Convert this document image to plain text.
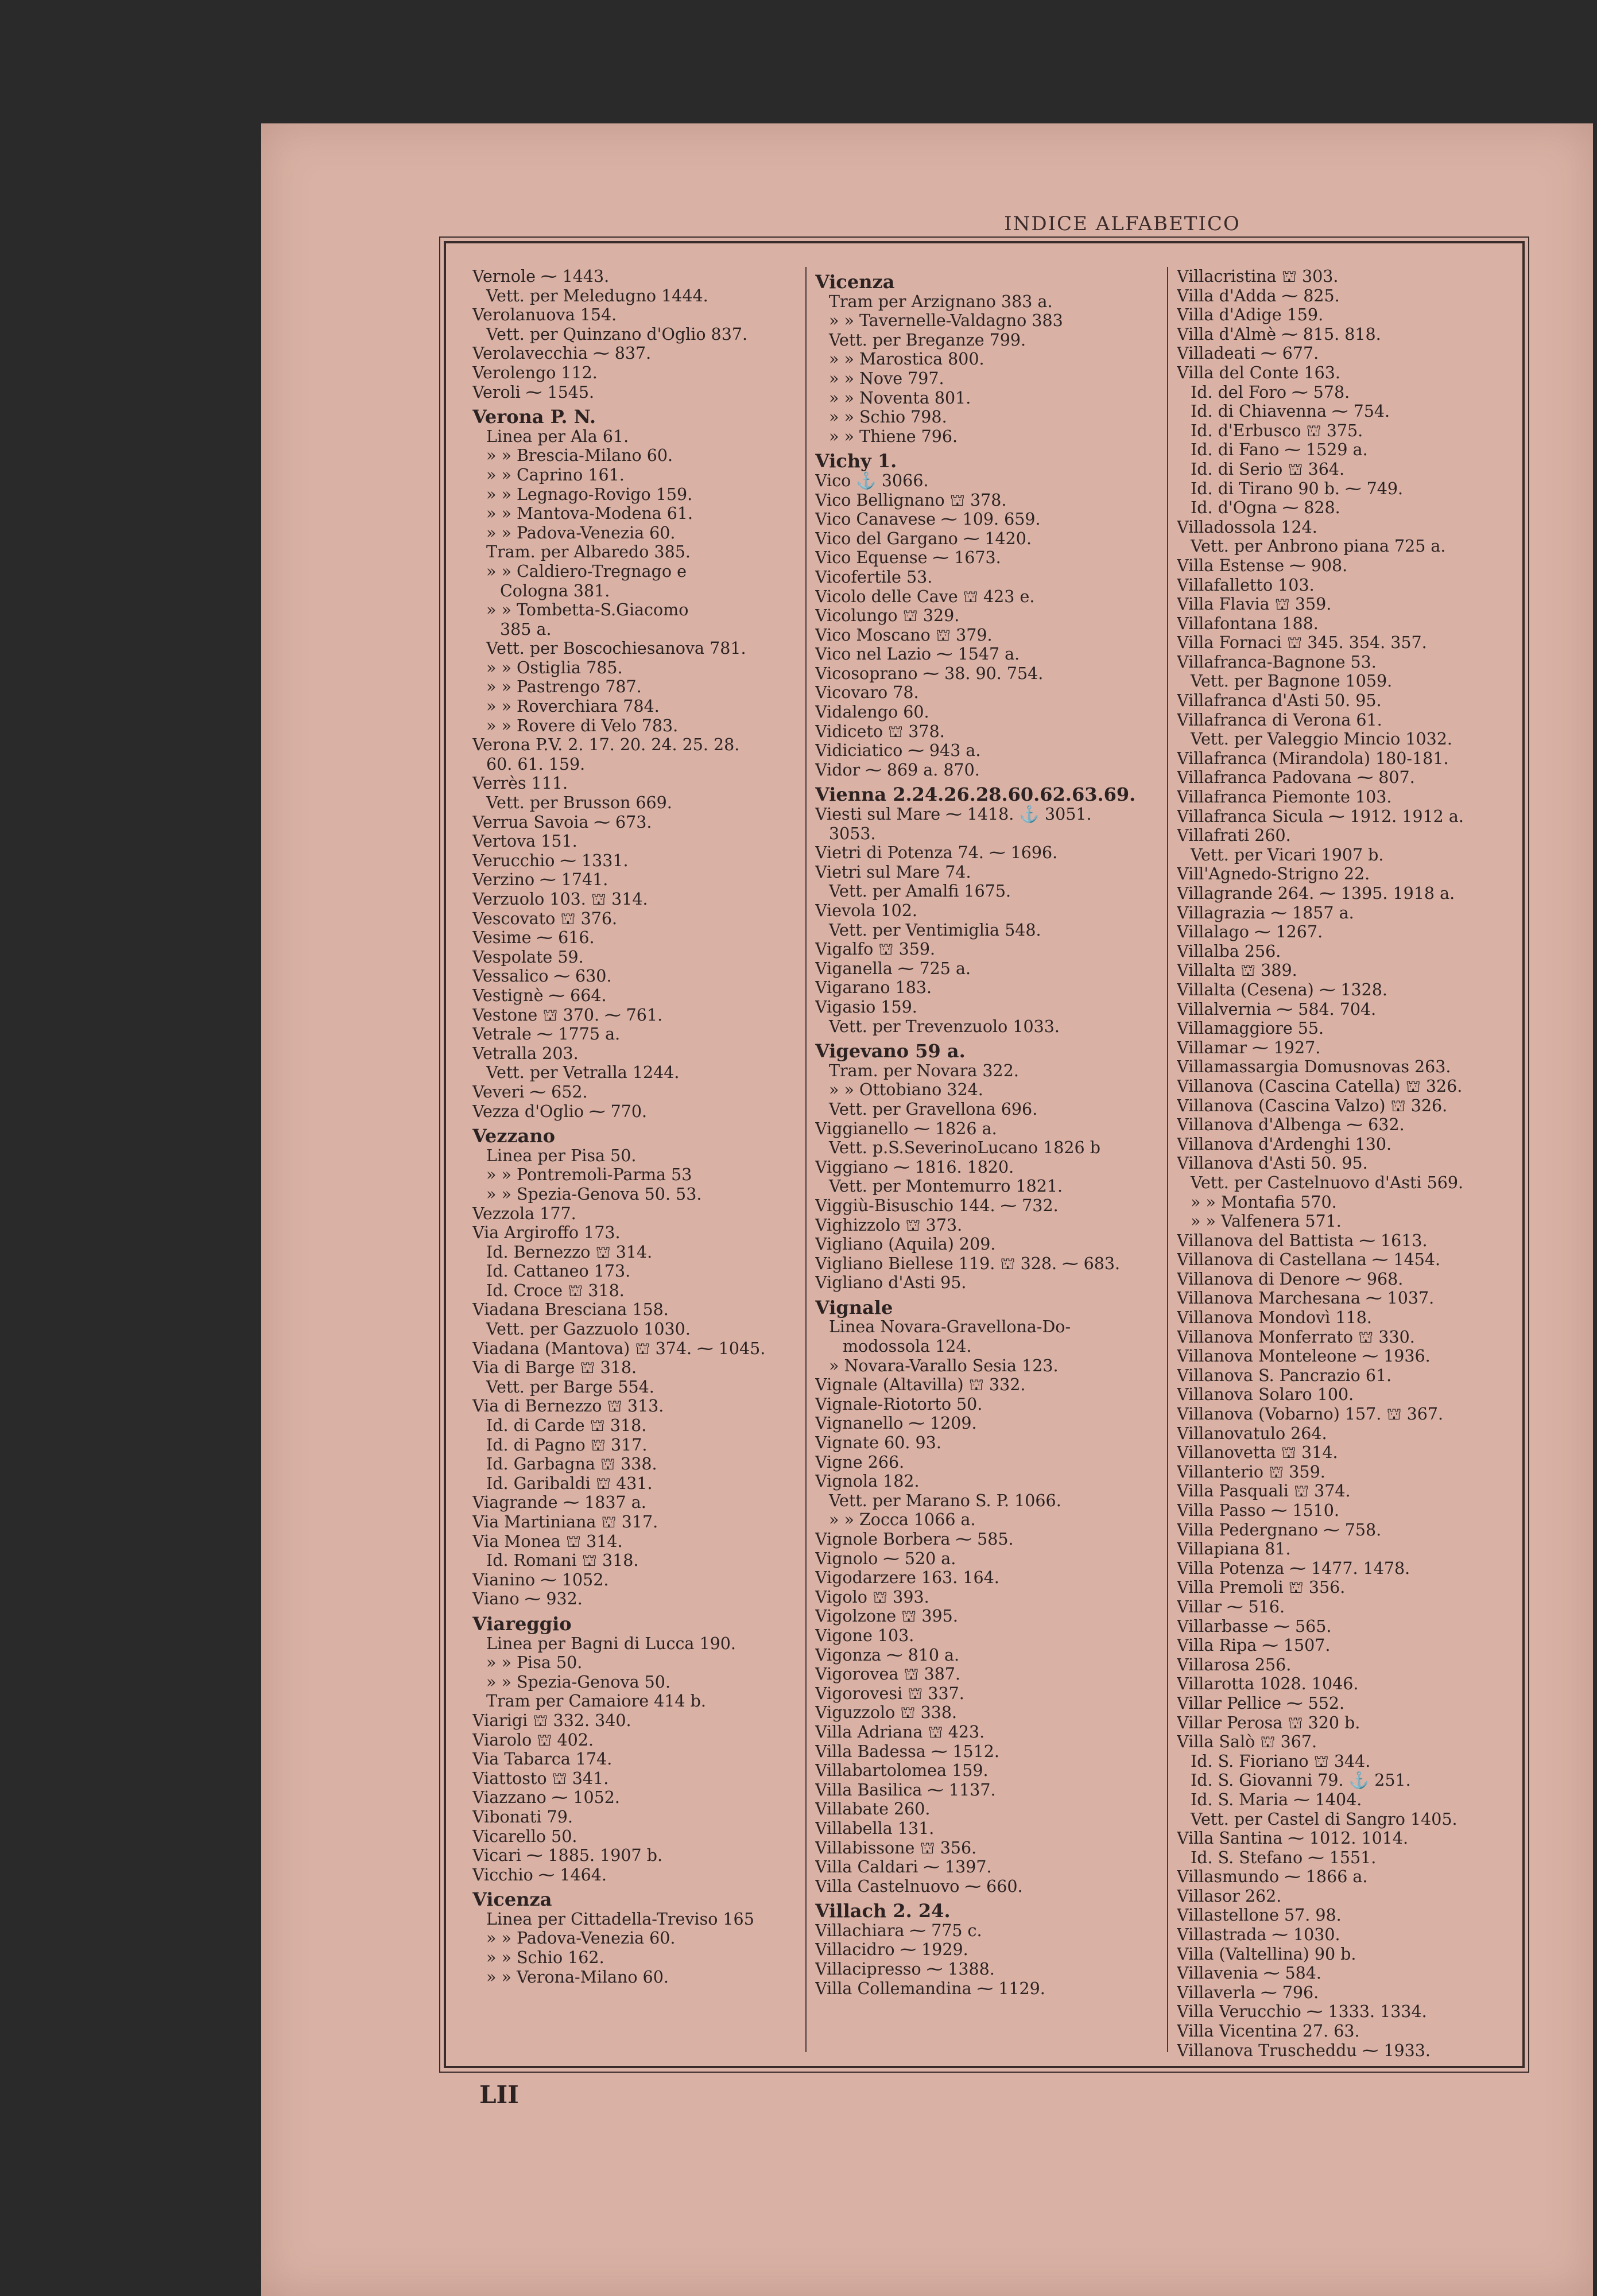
INDICE ALFABETICO
Vernole ⁓ 1443.
Vett. per Meledugno 1444.
Verolanuova 154.
Vett. per Quinzano d'Oglio 837.
Verolavecchia ⁓ 837.
Verolengo 112.
Veroli ⁓ 1545.
Verona P. N.
Linea per Ala 61.
» » Brescia-Milano 60.
» » Caprino 161.
» » Legnago-Rovigo 159.
» » Mantova-Modena 61.
» » Padova-Venezia 60.
Tram. per Albaredo 385.
» » Caldiero-Tregnago e
Cologna 381.
» » Tombetta-S.Giacomo
385 a.
Vett. per Boscochiesanova 781.
» » Ostiglia 785.
» » Pastrengo 787.
» » Roverchiara 784.
» » Rovere di Velo 783.
Verona P.V. 2. 17. 20. 24. 25. 28.
60. 61. 159.
Verrès 111.
Vett. per Brusson 669.
Verrua Savoia ⁓ 673.
Vertova 151.
Verucchio ⁓ 1331.
Verzino ⁓ 1741.
Verzuolo 103. ⛫ 314.
Vescovato ⛫ 376.
Vesime ⁓ 616.
Vespolate 59.
Vessalico ⁓ 630.
Vestignè ⁓ 664.
Vestone ⛫ 370. ⁓ 761.
Vetrale ⁓ 1775 a.
Vetralla 203.
Vett. per Vetralla 1244.
Veveri ⁓ 652.
Vezza d'Oglio ⁓ 770.
Vezzano
Linea per Pisa 50.
» » Pontremoli-Parma 53
» » Spezia-Genova 50. 53.
Vezzola 177.
Via Argiroffo 173.
Id. Bernezzo ⛫ 314.
Id. Cattaneo 173.
Id. Croce ⛫ 318.
Viadana Bresciana 158.
Vett. per Gazzuolo 1030.
Viadana (Mantova) ⛫ 374. ⁓ 1045.
Via di Barge ⛫ 318.
Vett. per Barge 554.
Via di Bernezzo ⛫ 313.
Id. di Carde ⛫ 318.
Id. di Pagno ⛫ 317.
Id. Garbagna ⛫ 338.
Id. Garibaldi ⛫ 431.
Viagrande ⁓ 1837 a.
Via Martiniana ⛫ 317.
Via Monea ⛫ 314.
Id. Romani ⛫ 318.
Vianino ⁓ 1052.
Viano ⁓ 932.
Viareggio
Linea per Bagni di Lucca 190.
» » Pisa 50.
» » Spezia-Genova 50.
Tram per Camaiore 414 b.
Viarigi ⛫ 332. 340.
Viarolo ⛫ 402.
Via Tabarca 174.
Viattosto ⛫ 341.
Viazzano ⁓ 1052.
Vibonati 79.
Vicarello 50.
Vicari ⁓ 1885. 1907 b.
Vicchio ⁓ 1464.
Vicenza
Linea per Cittadella-Treviso 165
» » Padova-Venezia 60.
» » Schio 162.
» » Verona-Milano 60.
Vicenza
Tram per Arzignano 383 a.
» » Tavernelle-Valdagno 383
Vett. per Breganze 799.
» » Marostica 800.
» » Nove 797.
» » Noventa 801.
» » Schio 798.
» » Thiene 796.
Vichy 1.
Vico ⚓ 3066.
Vico Bellignano ⛫ 378.
Vico Canavese ⁓ 109. 659.
Vico del Gargano ⁓ 1420.
Vico Equense ⁓ 1673.
Vicofertile 53.
Vicolo delle Cave ⛫ 423 e.
Vicolungo ⛫ 329.
Vico Moscano ⛫ 379.
Vico nel Lazio ⁓ 1547 a.
Vicosoprano ⁓ 38. 90. 754.
Vicovaro 78.
Vidalengo 60.
Vidiceto ⛫ 378.
Vidiciatico ⁓ 943 a.
Vidor ⁓ 869 a. 870.
Vienna 2.24.26.28.60.62.63.69.
Viesti sul Mare ⁓ 1418. ⚓ 3051.
3053.
Vietri di Potenza 74. ⁓ 1696.
Vietri sul Mare 74.
Vett. per Amalfi 1675.
Vievola 102.
Vett. per Ventimiglia 548.
Vigalfo ⛫ 359.
Viganella ⁓ 725 a.
Vigarano 183.
Vigasio 159.
Vett. per Trevenzuolo 1033.
Vigevano 59 a.
Tram. per Novara 322.
» » Ottobiano 324.
Vett. per Gravellona 696.
Viggianello ⁓ 1826 a.
Vett. p.S.SeverinoLucano 1826 b
Viggiano ⁓ 1816. 1820.
Vett. per Montemurro 1821.
Viggiù-Bisuschio 144. ⁓ 732.
Vighizzolo ⛫ 373.
Vigliano (Aquila) 209.
Vigliano Biellese 119. ⛫ 328. ⁓ 683.
Vigliano d'Asti 95.
Vignale
Linea Novara-Gravellona-Do-
modossola 124.
» Novara-Varallo Sesia 123.
Vignale (Altavilla) ⛫ 332.
Vignale-Riotorto 50.
Vignanello ⁓ 1209.
Vignate 60. 93.
Vigne 266.
Vignola 182.
Vett. per Marano S. P. 1066.
» » Zocca 1066 a.
Vignole Borbera ⁓ 585.
Vignolo ⁓ 520 a.
Vigodarzere 163. 164.
Vigolo ⛫ 393.
Vigolzone ⛫ 395.
Vigone 103.
Vigonza ⁓ 810 a.
Vigorovea ⛫ 387.
Vigorovesi ⛫ 337.
Viguzzolo ⛫ 338.
Villa Adriana ⛫ 423.
Villa Badessa ⁓ 1512.
Villabartolomea 159.
Villa Basilica ⁓ 1137.
Villabate 260.
Villabella 131.
Villabissone ⛫ 356.
Villa Caldari ⁓ 1397.
Villa Castelnuovo ⁓ 660.
Villach 2. 24.
Villachiara ⁓ 775 c.
Villacidro ⁓ 1929.
Villacipresso ⁓ 1388.
Villa Collemandina ⁓ 1129.
Villacristina ⛫ 303.
Villa d'Adda ⁓ 825.
Villa d'Adige 159.
Villa d'Almè ⁓ 815. 818.
Villadeati ⁓ 677.
Villa del Conte 163.
Id. del Foro ⁓ 578.
Id. di Chiavenna ⁓ 754.
Id. d'Erbusco ⛫ 375.
Id. di Fano ⁓ 1529 a.
Id. di Serio ⛫ 364.
Id. di Tirano 90 b. ⁓ 749.
Id. d'Ogna ⁓ 828.
Villadossola 124.
Vett. per Anbrono piana 725 a.
Villa Estense ⁓ 908.
Villafalletto 103.
Villa Flavia ⛫ 359.
Villafontana 188.
Villa Fornaci ⛫ 345. 354. 357.
Villafranca-Bagnone 53.
Vett. per Bagnone 1059.
Villafranca d'Asti 50. 95.
Villafranca di Verona 61.
Vett. per Valeggio Mincio 1032.
Villafranca (Mirandola) 180-181.
Villafranca Padovana ⁓ 807.
Villafranca Piemonte 103.
Villafranca Sicula ⁓ 1912. 1912 a.
Villafrati 260.
Vett. per Vicari 1907 b.
Vill'Agnedo-Strigno 22.
Villagrande 264. ⁓ 1395. 1918 a.
Villagrazia ⁓ 1857 a.
Villalago ⁓ 1267.
Villalba 256.
Villalta ⛫ 389.
Villalta (Cesena) ⁓ 1328.
Villalvernia ⁓ 584. 704.
Villamaggiore 55.
Villamar ⁓ 1927.
Villamassargia Domusnovas 263.
Villanova (Cascina Catella) ⛫ 326.
Villanova (Cascina Valzo) ⛫ 326.
Villanova d'Albenga ⁓ 632.
Villanova d'Ardenghi 130.
Villanova d'Asti 50. 95.
Vett. per Castelnuovo d'Asti 569.
» » Montafia 570.
» » Valfenera 571.
Villanova del Battista ⁓ 1613.
Villanova di Castellana ⁓ 1454.
Villanova di Denore ⁓ 968.
Villanova Marchesana ⁓ 1037.
Villanova Mondovì 118.
Villanova Monferrato ⛫ 330.
Villanova Monteleone ⁓ 1936.
Villanova S. Pancrazio 61.
Villanova Solaro 100.
Villanova (Vobarno) 157. ⛫ 367.
Villanovatulo 264.
Villanovetta ⛫ 314.
Villanterio ⛫ 359.
Villa Pasquali ⛫ 374.
Villa Passo ⁓ 1510.
Villa Pedergnano ⁓ 758.
Villapiana 81.
Villa Potenza ⁓ 1477. 1478.
Villa Premoli ⛫ 356.
Villar ⁓ 516.
Villarbasse ⁓ 565.
Villa Ripa ⁓ 1507.
Villarosa 256.
Villarotta 1028. 1046.
Villar Pellice ⁓ 552.
Villar Perosa ⛫ 320 b.
Villa Salò ⛫ 367.
Id. S. Fioriano ⛫ 344.
Id. S. Giovanni 79. ⚓ 251.
Id. S. Maria ⁓ 1404.
Vett. per Castel di Sangro 1405.
Villa Santina ⁓ 1012. 1014.
Id. S. Stefano ⁓ 1551.
Villasmundo ⁓ 1866 a.
Villasor 262.
Villastellone 57. 98.
Villastrada ⁓ 1030.
Villa (Valtellina) 90 b.
Villavenia ⁓ 584.
Villaverla ⁓ 796.
Villa Verucchio ⁓ 1333. 1334.
Villa Vicentina 27. 63.
Villanova Truscheddu ⁓ 1933.
LII
